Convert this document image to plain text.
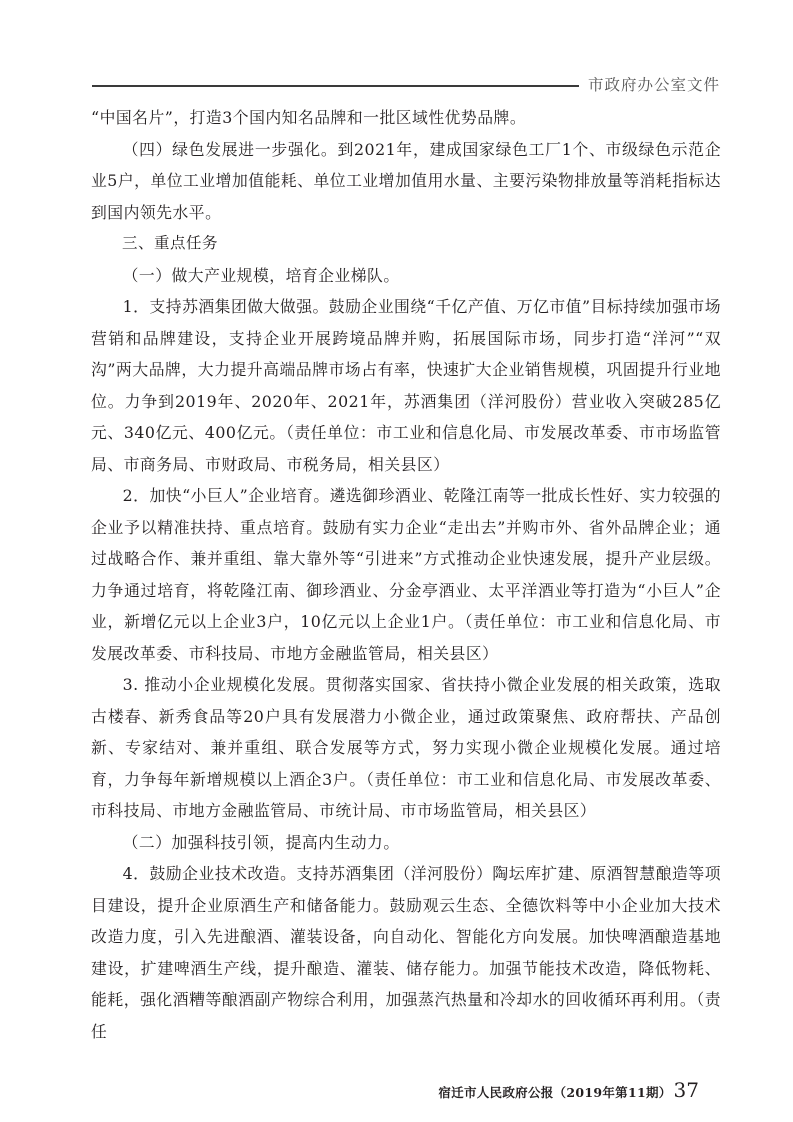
市政府办公室文件

“中国名片”，打造3个国内知名品牌和一批区域性优势品牌。

（四）绿色发展进一步强化。到2021年，建成国家绿色工厂1个、市级绿色示范企业5户，单位工业增加值能耗、单位工业增加值用水量、主要污染物排放量等消耗指标达到国内领先水平。

三、重点任务

（一）做大产业规模，培育企业梯队。

1．支持苏酒集团做大做强。鼓励企业围绕“千亿产值、万亿市值”目标持续加强市场营销和品牌建设，支持企业开展跨境品牌并购，拓展国际市场，同步打造“洋河”“双沟”两大品牌，大力提升高端品牌市场占有率，快速扩大企业销售规模，巩固提升行业地位。力争到2019年、2020年、2021年，苏酒集团（洋河股份）营业收入突破285亿元、340亿元、400亿元。（责任单位：市工业和信息化局、市发展改革委、市市场监管局、市商务局、市财政局、市税务局，相关县区）

2．加快“小巨人”企业培育。遴选御珍酒业、乾隆江南等一批成长性好、实力较强的企业予以精准扶持、重点培育。鼓励有实力企业“走出去”并购市外、省外品牌企业；通过战略合作、兼并重组、靠大靠外等“引进来”方式推动企业快速发展，提升产业层级。力争通过培育，将乾隆江南、御珍酒业、分金亭酒业、太平洋酒业等打造为“小巨人”企业，新增亿元以上企业3户，10亿元以上企业1户。（责任单位：市工业和信息化局、市发展改革委、市科技局、市地方金融监管局，相关县区）

3. 推动小企业规模化发展。贯彻落实国家、省扶持小微企业发展的相关政策，选取古楼春、新秀食品等20户具有发展潜力小微企业，通过政策聚焦、政府帮扶、产品创新、专家结对、兼并重组、联合发展等方式，努力实现小微企业规模化发展。通过培育，力争每年新增规模以上酒企3户。（责任单位：市工业和信息化局、市发展改革委、市科技局、市地方金融监管局、市统计局、市市场监管局，相关县区）

（二）加强科技引领，提高内生动力。

4．鼓励企业技术改造。支持苏酒集团（洋河股份）陶坛库扩建、原酒智慧酿造等项目建设，提升企业原酒生产和储备能力。鼓励观云生态、全德饮料等中小企业加大技术改造力度，引入先进酿酒、灌装设备，向自动化、智能化方向发展。加快啤酒酿造基地建设，扩建啤酒生产线，提升酿造、灌装、储存能力。加强节能技术改造，降低物耗、能耗，强化酒糟等酿酒副产物综合利用，加强蒸汽热量和冷却水的回收循环再利用。（责任

宿迁市人民政府公报（2019年第11期） 37
